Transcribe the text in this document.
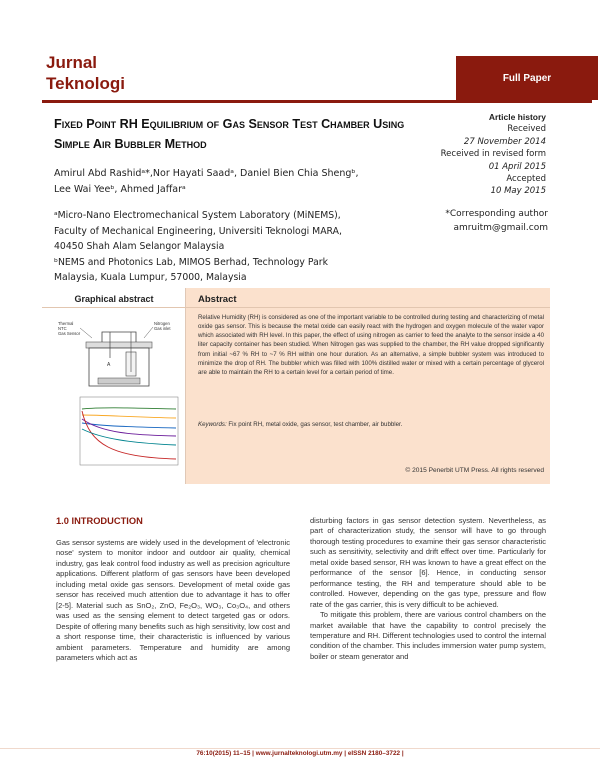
Jurnal
Teknologi	Full Paper
Fixed Point RH Equilibrium of Gas Sensor Test Chamber Using Simple Air Bubbler Method
Amirul Abd Rashidᵃ*,Nor Hayati Saadᵃ, Daniel Bien Chia Shengᵇ,
Lee Wai Yeeᵇ, Ahmed Jaffarᵃ
ᵃMicro-Nano Electromechanical System Laboratory (MiNEMS),
Faculty of Mechanical Engineering, Universiti Teknologi MARA,
40450 Shah Alam Selangor Malaysia
ᵇNEMS and Photonics Lab, MIMOS Berhad, Technology Park
Malaysia, Kuala Lumpur, 57000, Malaysia
Article history
Received
27 November 2014
Received in revised form
01 April 2015
Accepted
10 May 2015
*Corresponding author
amruitm@gmail.com
Graphical abstract	Abstract
Thermal
NTC
Gas Sensor
Nitrogen
Gas inlet
A
Relative Humidity (RH) is considered as one of the important variable to be controlled during testing and characterizing of metal oxide gas sensor. This is because the metal oxide can easily react with the hydrogen and oxygen molecule of the water vapor which associated with RH level. In this paper, the effect of using nitrogen as carrier to feed the analyte to the sensor inside a 40 liter capacity container has been studied. When Nitrogen gas was supplied to the chamber, the RH value dropped significantly from initial ~67 % RH to ~7 % RH within one hour duration. As an alternative, a simple bubbler system was introduced to minimize the drop of RH. The bubbler which was filled with 100% distilled water or mixed with a certain percentage of glycerol are able to maintain the RH to a certain level for a certain period of time.
Keywords: Fix point RH, metal oxide, gas sensor, test chamber, air bubbler.
© 2015 Penerbit UTM Press. All rights reserved
1.0 INTRODUCTION

Gas sensor systems are widely used in the development of 'electronic nose' system to monitor indoor and outdoor air quality, chemical industry, gas leak control food industry as well as precision agriculture applications. Different platform of gas sensors have been developed including metal oxide gas sensors. Development of metal oxide gas sensor has received much attention due to advantage it has to offer [2-5]. Material such as SnO₂, ZnO, Fe₂O₃, WO₃, Co₃O₄, and others was used as the sensing element to detect targeted gas or odors. Despite of offering many benefits such as high sensitivity, low cost and a short response time, their characteristic is influenced by various ambient parameters. Temperature and humidity are among parameters which act as

disturbing factors in gas sensor detection system. Nevertheless, as part of characterization study, the sensor will have to go through thorough testing procedures to examine their gas sensor characteristic such as sensitivity, selectivity and drift effect over time. Particularly for metal oxide based sensor, RH was known to have a great effect on the performance of the sensor [6]. Hence, in conducting sensor performance testing, the RH and temperature should able to be controlled. However, depending on the gas type, pressure and flow rate of the gas carrier, this is very difficult to be achieved.

To mitigate this problem, there are various control chambers on the market available that have the capability to control precisely the temperature and RH. Different technologies used to control the internal condition of the chamber. This includes immersion water pump system, boiler or steam generator and

76:10(2015) 11–15 | www.jurnalteknologi.utm.my | eISSN 2180–3722 |
